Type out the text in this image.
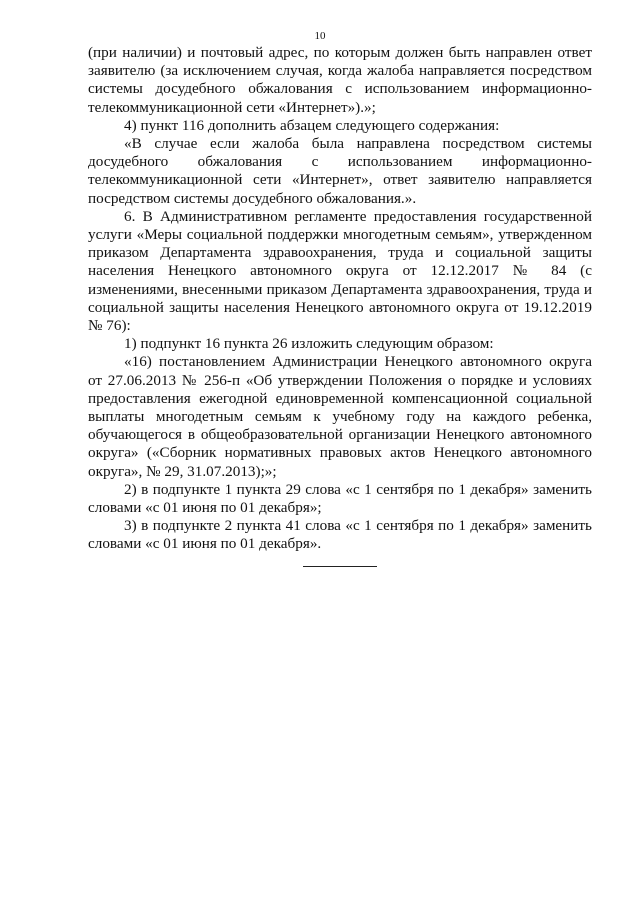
10

(при наличии) и почтовый адрес, по которым должен быть направлен ответ заявителю (за исключением случая, когда жалоба направляется посредством системы досудебного обжалования с использованием информационно-телекоммуникационной сети «Интернет»).»;

4) пункт 116 дополнить абзацем следующего содержания:

«В случае если жалоба была направлена посредством системы досудебного обжалования с использованием информационно-телекоммуникационной сети «Интернет», ответ заявителю направляется посредством системы досудебного обжалования.».

6. В Административном регламенте предоставления государственной услуги «Меры социальной поддержки многодетным семьям», утвержденном приказом Департамента здравоохранения, труда и социальной защиты населения Ненецкого автономного округа от 12.12.2017 № 84 (с изменениями, внесенными приказом Департамента здравоохранения, труда и социальной защиты населения Ненецкого автономного округа от 19.12.2019 № 76):

1) подпункт 16 пункта 26 изложить следующим образом:

«16) постановлением Администрации Ненецкого автономного округа от 27.06.2013 № 256-п «Об утверждении Положения о порядке и условиях предоставления ежегодной единовременной компенсационной социальной выплаты многодетным семьям к учебному году на каждого ребенка, обучающегося в общеобразовательной организации Ненецкого автономного округа» («Сборник нормативных правовых актов Ненецкого автономного округа», № 29, 31.07.2013);»;

2) в подпункте 1 пункта 29 слова «с 1 сентября по 1 декабря» заменить словами «с 01 июня по 01 декабря»;

3) в подпункте 2 пункта 41 слова «с 1 сентября по 1 декабря» заменить словами «с 01 июня по 01 декабря».
